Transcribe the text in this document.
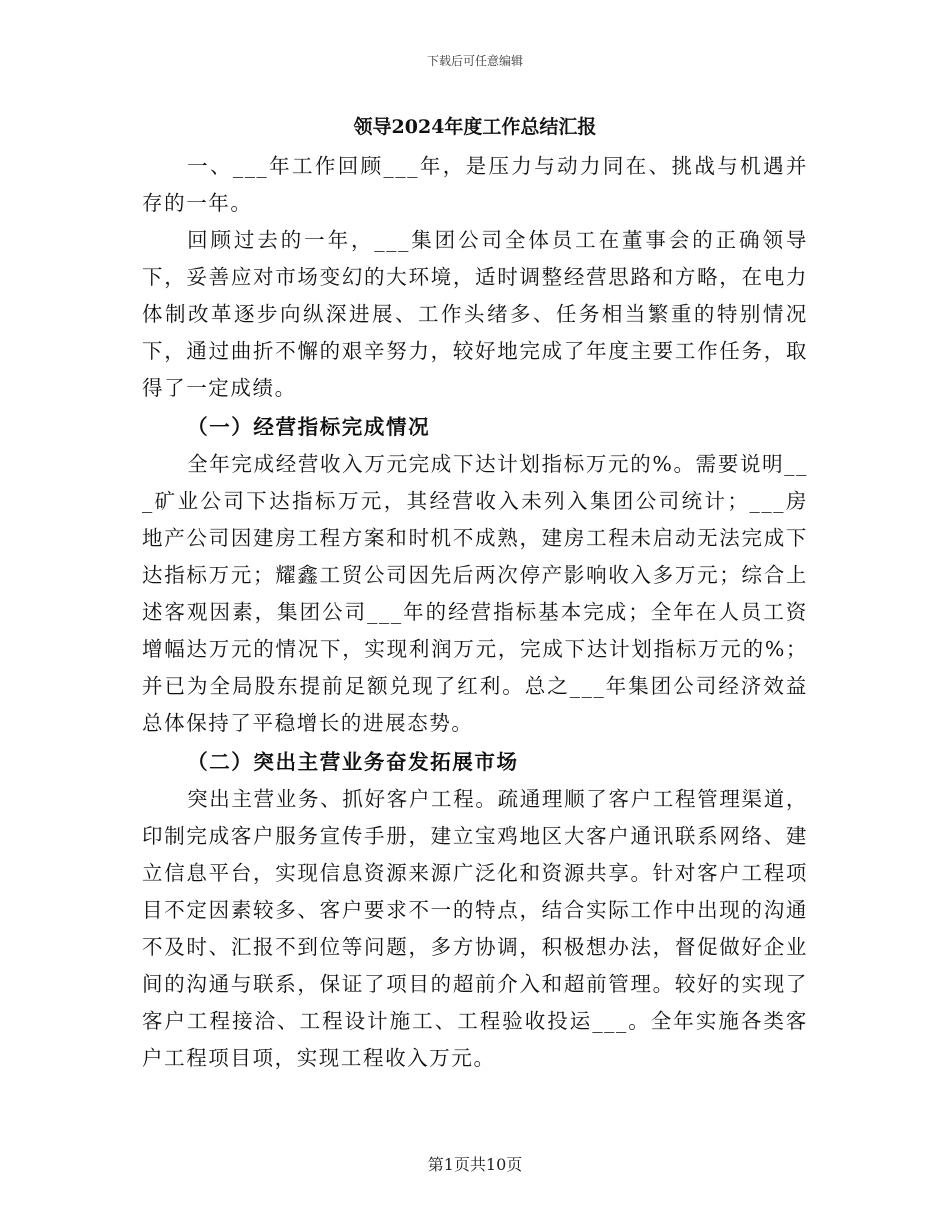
下载后可任意编辑
领导2024年度工作总结汇报

一、___年工作回顾___年，是压力与动力同在、挑战与机遇并存的一年。

回顾过去的一年，___集团公司全体员工在董事会的正确领导下，妥善应对市场变幻的大环境，适时调整经营思路和方略，在电力体制改革逐步向纵深进展、工作头绪多、任务相当繁重的特别情况下，通过曲折不懈的艰辛努力，较好地完成了年度主要工作任务，取得了一定成绩。

（一）经营指标完成情况

全年完成经营收入万元完成下达计划指标万元的%。需要说明___矿业公司下达指标万元，其经营收入未列入集团公司统计；___房地产公司因建房工程方案和时机不成熟，建房工程未启动无法完成下达指标万元；耀鑫工贸公司因先后两次停产影响收入多万元；综合上述客观因素，集团公司___年的经营指标基本完成；全年在人员工资增幅达万元的情况下，实现利润万元，完成下达计划指标万元的%；并已为全局股东提前足额兑现了红利。总之___年集团公司经济效益总体保持了平稳增长的进展态势。

（二）突出主营业务奋发拓展市场

突出主营业务、抓好客户工程。疏通理顺了客户工程管理渠道，印制完成客户服务宣传手册，建立宝鸡地区大客户通讯联系网络、建立信息平台，实现信息资源来源广泛化和资源共享。针对客户工程项目不定因素较多、客户要求不一的特点，结合实际工作中出现的沟通不及时、汇报不到位等问题，多方协调，积极想办法，督促做好企业间的沟通与联系，保证了项目的超前介入和超前管理。较好的实现了客户工程接洽、工程设计施工、工程验收投运___。全年实施各类客户工程项目项，实现工程收入万元。

第1页共10页
